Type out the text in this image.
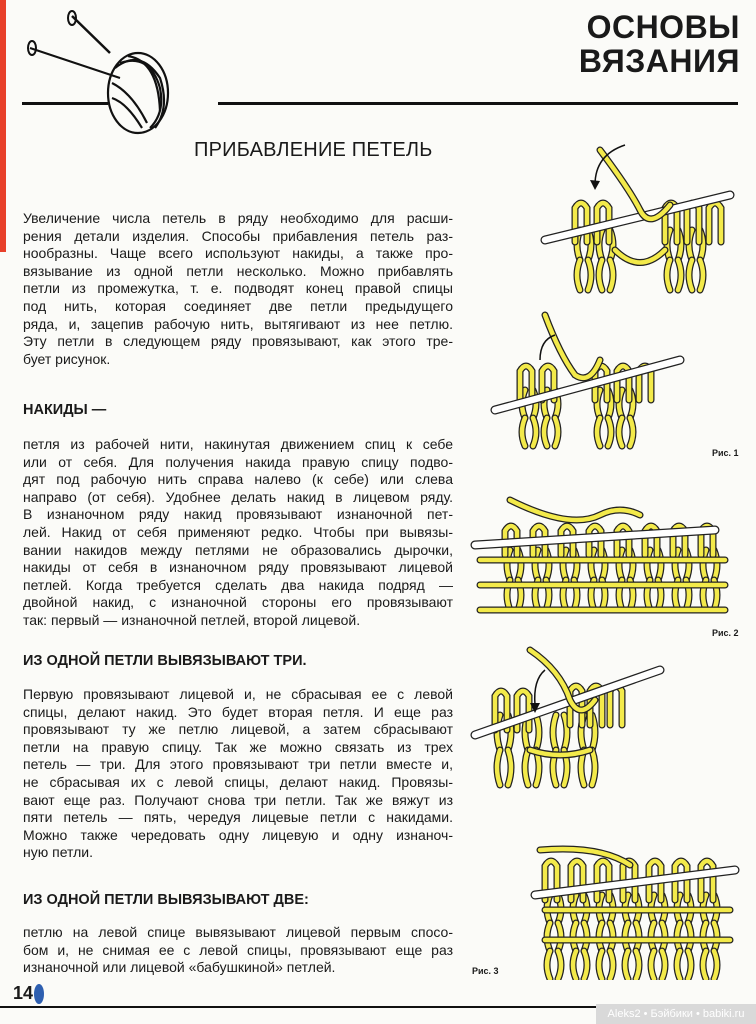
ОСНОВЫ
ВЯЗАНИЯ
ПРИБАВЛЕНИЕ ПЕТЕЛЬ
Увеличение числа петель в ряду необходимо для расши-
рения детали изделия. Способы прибавления петель раз-
нообразны. Чаще всего используют накиды, а также про-
вязывание из одной петли несколько. Можно прибавлять
петли из промежутка, т. е. подводят конец правой спицы
под нить, которая соединяет две петли предыдущего
ряда, и, зацепив рабочую нить, вытягивают из нее петлю.
Эту петли в следующем ряду провязывают, как этого тре-
бует рисунок.
НАКИДЫ —
петля из рабочей нити, накинутая движением спиц к себе
или от себя. Для получения накида правую спицу подво-
дят под рабочую нить справа налево (к себе) или слева
направо (от себя). Удобнее делать накид в лицевом ряду.
В изнаночном ряду накид провязывают изнаночной пет-
лей. Накид от себя применяют редко. Чтобы при вывязы-
вании накидов между петлями не образовались дырочки,
накиды от себя в изнаночном ряду провязывают лицевой
петлей. Когда требуется сделать два накида подряд —
двойной накид, с изнаночной стороны его провязывают
так: первый — изнаночной петлей, второй лицевой.
ИЗ ОДНОЙ ПЕТЛИ ВЫВЯЗЫВАЮТ ТРИ.
Первую провязывают лицевой и, не сбрасывая ее с левой
спицы, делают накид. Это будет вторая петля. И еще раз
провязывают ту же петлю лицевой, а затем сбрасывают
петли на правую спицу. Так же можно связать из трех
петель — три. Для этого провязывают три петли вместе и,
не сбрасывая их с левой спицы, делают накид. Провязы-
вают еще раз. Получают снова три петли. Так же вяжут из
пяти петель — пять, чередуя лицевые петли с накидами.
Можно также чередовать одну лицевую и одну изнаноч-
ную петли.
ИЗ ОДНОЙ ПЕТЛИ ВЫВЯЗЫВАЮТ ДВЕ:
петлю на левой спице вывязывают лицевой первым спосо-
бом и, не снимая ее с левой спицы, провязывают еще раз
изнаночной или лицевой «бабушкиной» петлей.
Рис. 1
Рис. 2
Рис. 3
14
Aleks2 • Бэйбики • babiki.ru
